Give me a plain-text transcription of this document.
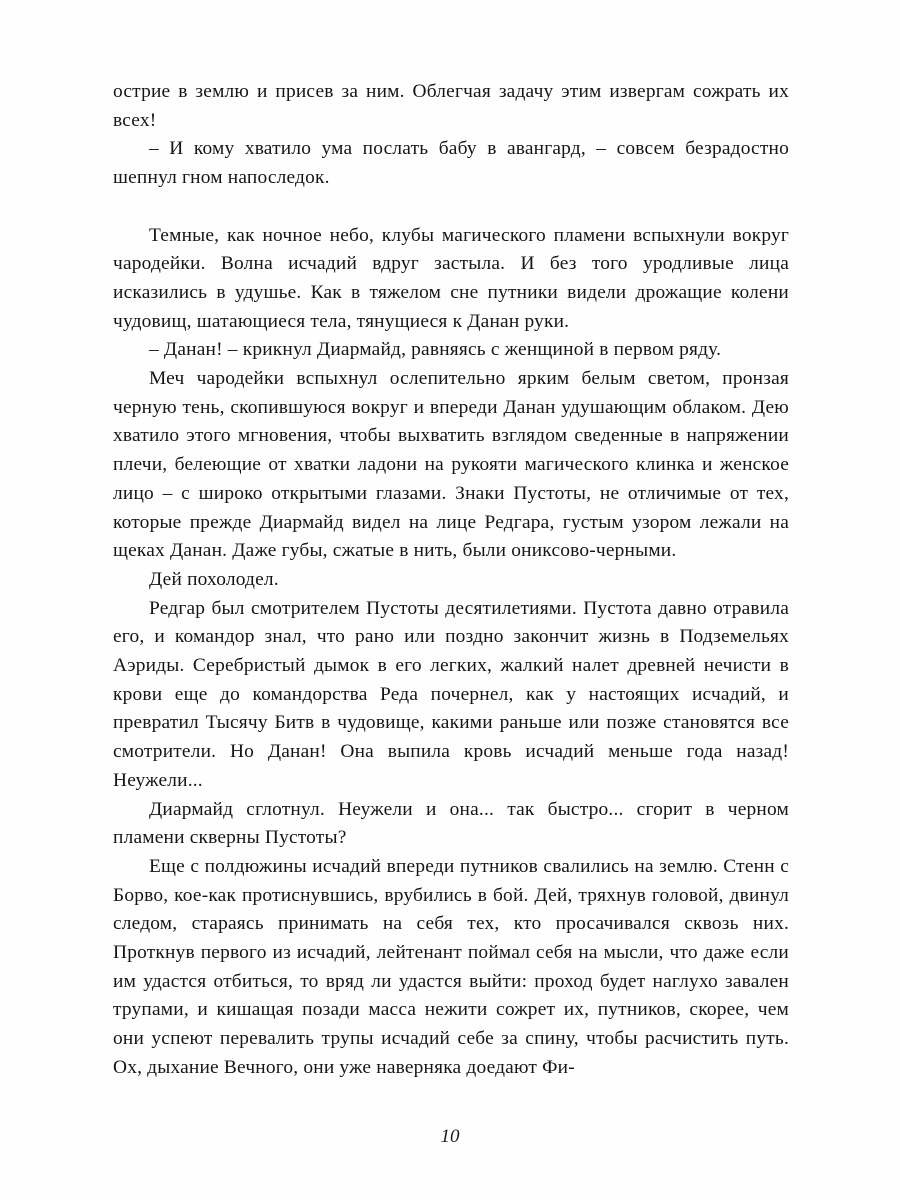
острие в землю и присев за ним. Облегчая задачу этим извергам сожрать их всех!

– И кому хватило ума послать бабу в авангард, – совсем безрадостно шепнул гном напоследок.

Темные, как ночное небо, клубы магического пламени вспыхнули вокруг чародейки. Волна исчадий вдруг застыла. И без того уродливые лица исказились в удушье. Как в тяжелом сне путники видели дрожащие колени чудовищ, шатающиеся тела, тянущиеся к Данан руки.

– Данан! – крикнул Диармайд, равняясь с женщиной в первом ряду.

Меч чародейки вспыхнул ослепительно ярким белым светом, пронзая черную тень, скопившуюся вокруг и впереди Данан удушающим облаком. Дею хватило этого мгновения, чтобы выхватить взглядом сведенные в напряжении плечи, белеющие от хватки ладони на рукояти магического клинка и женское лицо – с широко открытыми глазами. Знаки Пустоты, не отличимые от тех, которые прежде Диармайд видел на лице Редгара, густым узором лежали на щеках Данан. Даже губы, сжатые в нить, были ониксово-черными.

Дей похолодел.

Редгар был смотрителем Пустоты десятилетиями. Пустота давно отравила его, и командор знал, что рано или поздно закончит жизнь в Подземельях Аэриды. Серебристый дымок в его легких, жалкий налет древней нечисти в крови еще до командорства Реда почернел, как у настоящих исчадий, и превратил Тысячу Битв в чудовище, какими раньше или позже становятся все смотрители. Но Данан! Она выпила кровь исчадий меньше года назад! Неужели...

Диармайд сглотнул. Неужели и она... так быстро... сгорит в черном пламени скверны Пустоты?

Еще с полдюжины исчадий впереди путников свалились на землю. Стенн с Борво, кое-как протиснувшись, врубились в бой. Дей, тряхнув головой, двинул следом, стараясь принимать на себя тех, кто просачивался сквозь них. Проткнув первого из исчадий, лейтенант поймал себя на мысли, что даже если им удастся отбиться, то вряд ли удастся выйти: проход будет наглухо завален трупами, и кишащая позади масса нежити сожрет их, путников, скорее, чем они успеют перевалить трупы исчадий себе за спину, чтобы расчистить путь. Ох, дыхание Вечного, они уже наверняка доедают Фи-

10
